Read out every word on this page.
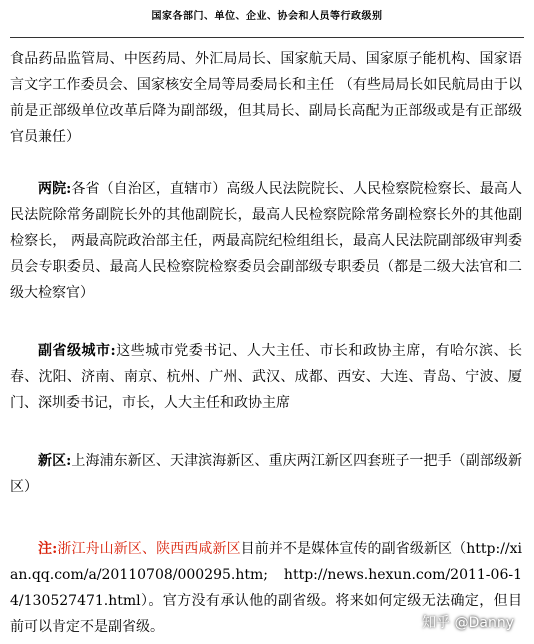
国家各部门、单位、企业、协会和人员等行政级别
食品药品监管局、中医药局、外汇局局长、国家航天局、国家原子能机构、国家语言文字工作委员会、国家核安全局等局委局长和主任 （有些局局长如民航局由于以前是正部级单位改革后降为副部级，但其局长、副局长高配为正部级或是有正部级官员兼任）
两院:各省（自治区，直辖市）高级人民法院院长、人民检察院检察长、最高人民法院除常务副院长外的其他副院长，最高人民检察院除常务副检察长外的其他副检察长， 两最高院政治部主任，两最高院纪检组组长，最高人民法院副部级审判委员会专职委员、最高人民检察院检察委员会副部级专职委员（都是二级大法官和二级大检察官）
副省级城市:这些城市党委书记、人大主任、市长和政协主席，有哈尔滨、长春、沈阳、济南、南京、杭州、广州、武汉、成都、西安、大连、青岛、宁波、厦门、深圳委书记，市长，人大主任和政协主席
新区:上海浦东新区、天津滨海新区、重庆两江新区四套班子一把手（副部级新区）
注:浙江舟山新区、陕西西咸新区目前并不是媒体宣传的副省级新区（http://xian.qq.com/a/20110708/000295.htm; http://news.hexun.com/2011-06-14/130527471.html）。官方没有承认他的副省级。将来如何定级无法确定，但目前可以肯定不是副省级。	知乎 @Danny
